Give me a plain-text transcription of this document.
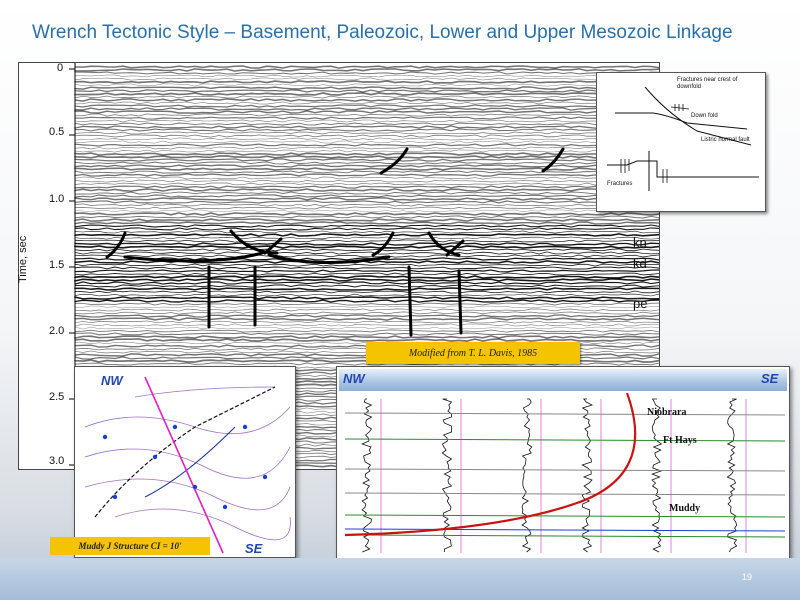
Wrench Tectonic Style – Basement, Paleozoic, Lower and Upper Mesozoic Linkage
Time, sec
0
0.5
1.0
1.5
2.0
2.5
3.0
kn
kd
pe
Modified from T. L. Davis, 1985
Fractures near crest of downfold
Down fold
Listric normal fault
Fractures
NW
SE
Muddy J Structure CI = 10'
NW	SE
Niobrara
Ft Hays
Muddy
19
